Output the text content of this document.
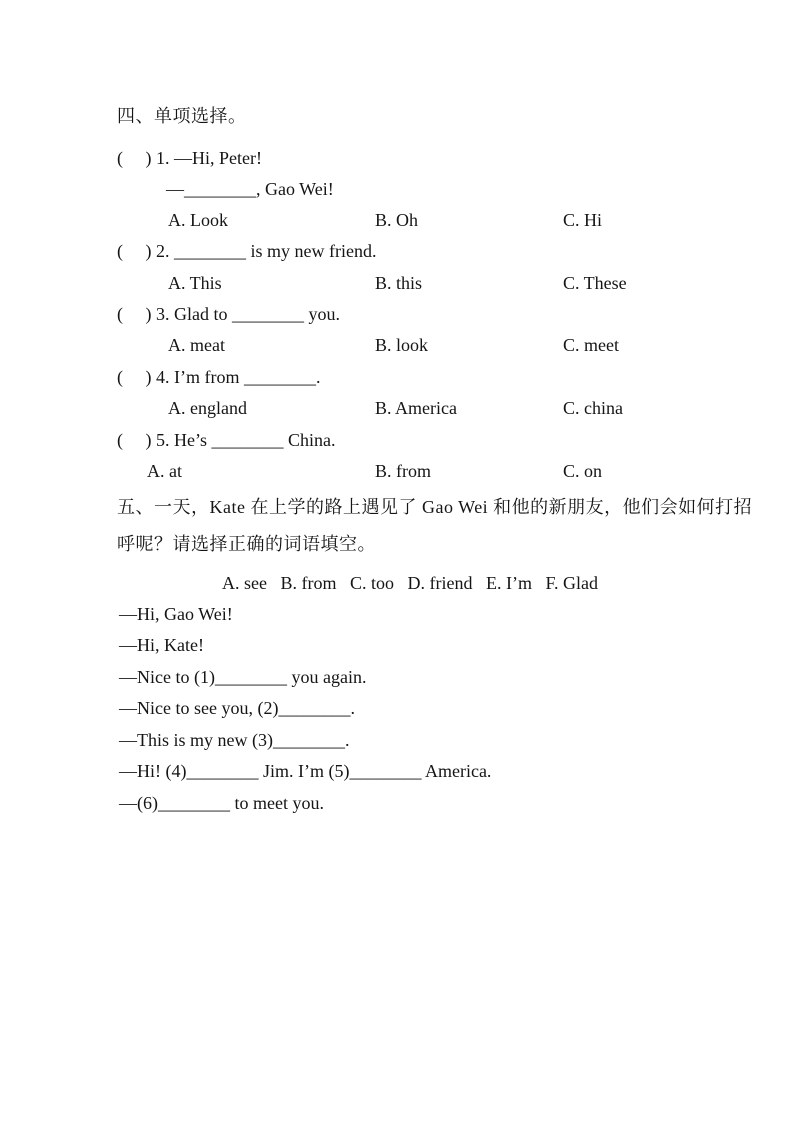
四、单项选择。
(　 ) 1. —Hi, Peter!
—________, Gao Wei!
A. Look	B. Oh	C. Hi
(　 ) 2. ________ is my new friend.
A. This	B. this	C. These
(　 ) 3. Glad to ________ you.
A. meat	B. look	C. meet
(　 ) 4. I’m from ________.
A. england	B. America	C. china
(　 ) 5. He’s ________ China.
A. at	B. from	C. on
五、一天，Kate 在上学的路上遇见了 Gao Wei 和他的新朋友，他们会如何打招
呼呢？请选择正确的词语填空。
A. see   B. from   C. too   D. friend   E. I’m   F. Glad
—Hi, Gao Wei!
—Hi, Kate!
—Nice to (1)________ you again.
—Nice to see you, (2)________.
—This is my new (3)________.
—Hi! (4)________ Jim. I’m (5)________ America.
—(6)________ to meet you.
